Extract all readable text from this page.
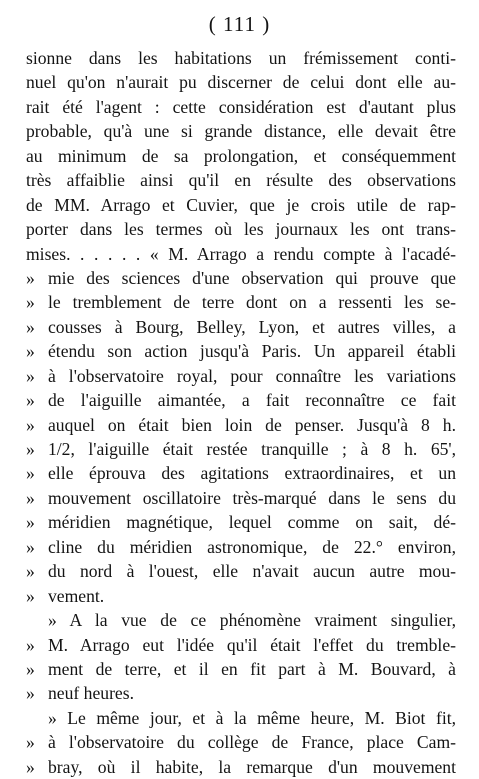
( 111 )
sionne dans les habitations un frémissement conti-
nuel qu'on n'aurait pu discerner de celui dont elle au-
rait été l'agent : cette considération est d'autant plus
probable, qu'à une si grande distance, elle devait être
au minimum de sa prolongation, et conséquemment
très affaiblie ainsi qu'il en résulte des observations
de MM. Arrago et Cuvier, que je crois utile de rap-
porter dans les termes où les journaux les ont trans-
mises. . . . . . « M. Arrago a rendu compte à l'acadé-
» mie des sciences d'une observation qui prouve que
» le tremblement de terre dont on a ressenti les se-
» cousses à Bourg, Belley, Lyon, et autres villes, a
» étendu son action jusqu'à Paris. Un appareil établi
» à l'observatoire royal, pour connaître les variations
» de l'aiguille aimantée, a fait reconnaître ce fait
» auquel on était bien loin de penser. Jusqu'à 8 h.
» 1/2, l'aiguille était restée tranquille ; à 8 h. 65',
» elle éprouva des agitations extraordinaires, et un
» mouvement oscillatoire très-marqué dans le sens du
» méridien magnétique, lequel comme on sait, dé-
» cline du méridien astronomique, de 22.° environ,
» du nord à l'ouest, elle n'avait aucun autre mou-
» vement.
» A la vue de ce phénomène vraiment singulier,
» M. Arrago eut l'idée qu'il était l'effet du tremble-
» ment de terre, et il en fit part à M. Bouvard, à
» neuf heures.
» Le même jour, et à la même heure, M. Biot fit,
» à l'observatoire du collège de France, place Cam-
» bray, où il habite, la remarque d'un mouvement
